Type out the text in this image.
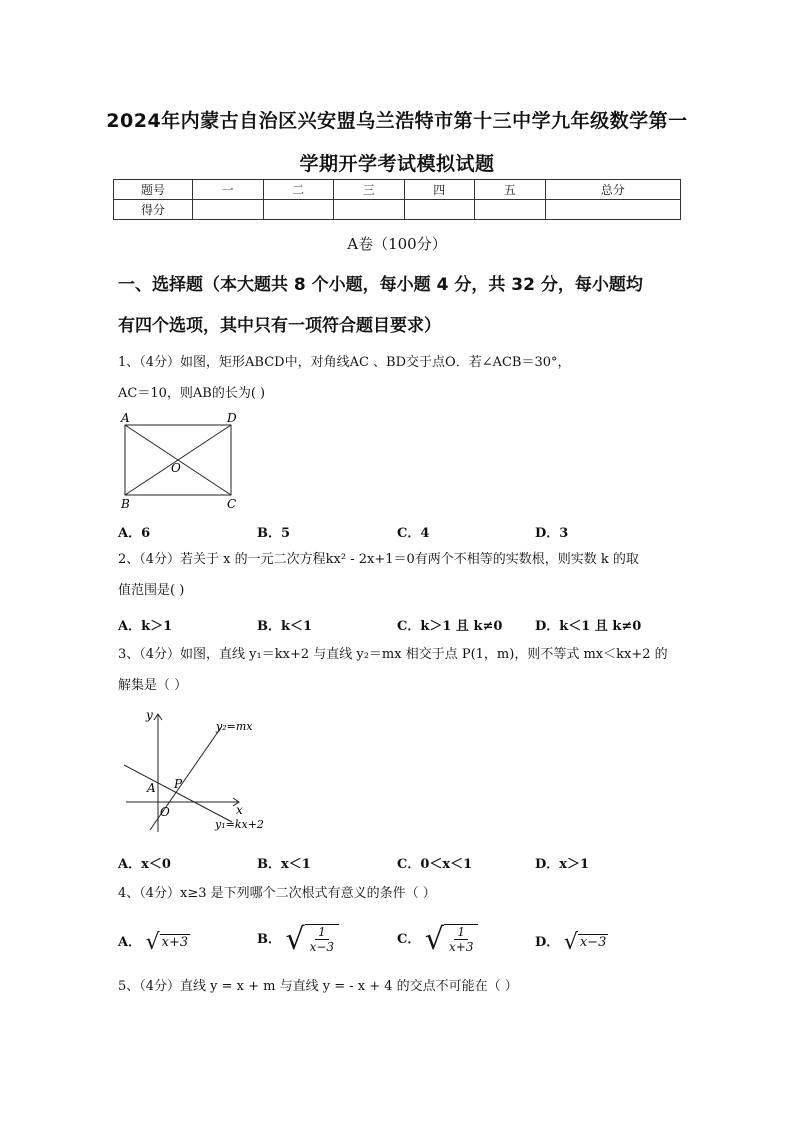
2024年内蒙古自治区兴安盟乌兰浩特市第十三中学九年级数学第一
学期开学考试模拟试题
题号	一	二	三	四	五	总分
得分						
A卷（100分）
一、选择题（本大题共 8 个小题，每小题 4 分，共 32 分，每小题均
有四个选项，其中只有一项符合题目要求）
1、（4分）如图，矩形ABCD中，对角线AC 、BD交于点O．若∠ACB＝30°，
AC＝10，则AB的长为( )
A	D
O
B	C
A．6	B．5	C．4	D．3
2、（4分）若关于 x 的一元二次方程kx² - 2x+1＝0有两个不相等的实数根，则实数 k 的取
值范围是( )
A．k＞1	B．k＜1	C．k＞1 且 k≠0	D．k＜1 且 k≠0
3、（4分）如图，直线 y₁＝kx+2 与直线 y₂＝mx 相交于点 P(1，m)，则不等式 mx＜kx+2 的
解集是（ ）
y
x
O
A P
y₂=mx
y₁=kx+2
A．x＜0	B．x＜1	C．0＜x＜1	D．x＞1
4、（4分）x≥3 是下列哪个二次根式有意义的条件（ ）
A． √ x+3	B． √ $\frac{1}{x-3}$	C． √ $\frac{1}{x+3}$	D． √ x−3
5、（4分）直线 y = x + m 与直线 y = - x + 4 的交点不可能在（ ）
